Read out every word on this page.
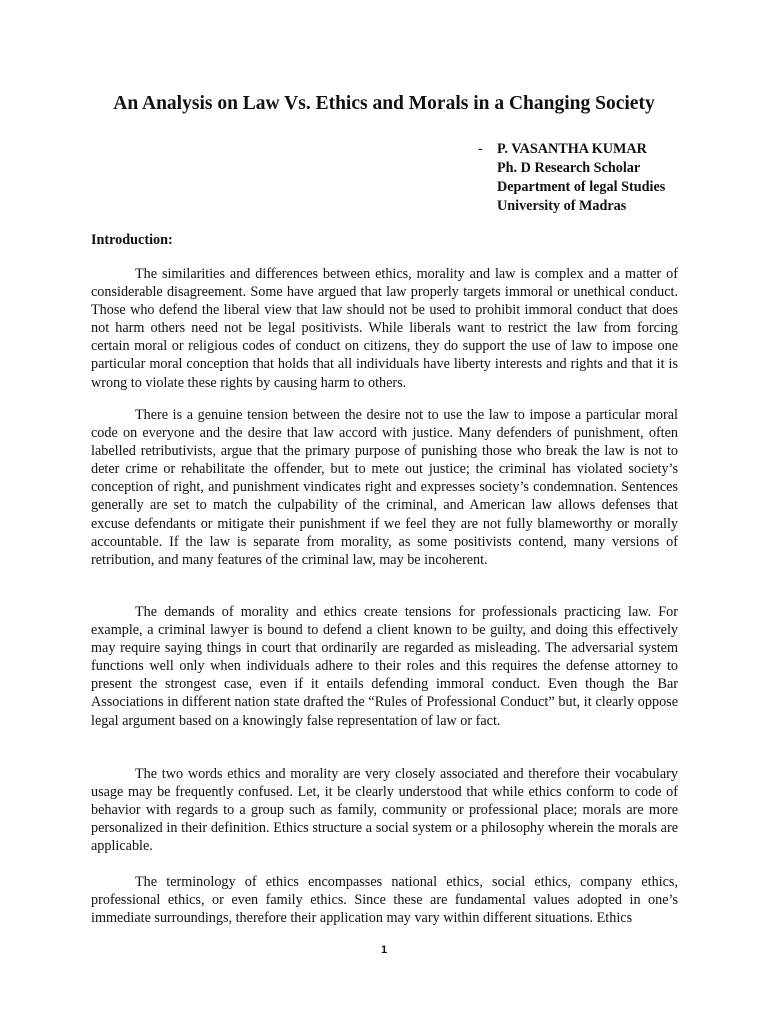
An Analysis on Law Vs. Ethics and Morals in a Changing Society
- P. VASANTHA KUMAR
Ph. D Research Scholar
Department of legal Studies
University of Madras
Introduction:

The similarities and differences between ethics, morality and law is complex and a matter of considerable disagreement. Some have argued that law properly targets immoral or unethical conduct. Those who defend the liberal view that law should not be used to prohibit immoral conduct that does not harm others need not be legal positivists. While liberals want to restrict the law from forcing certain moral or religious codes of conduct on citizens, they do support the use of law to impose one particular moral conception that holds that all individuals have liberty interests and rights and that it is wrong to violate these rights by causing harm to others.

There is a genuine tension between the desire not to use the law to impose a particular moral code on everyone and the desire that law accord with justice. Many defenders of punishment, often labelled retributivists, argue that the primary purpose of punishing those who break the law is not to deter crime or rehabilitate the offender, but to mete out justice; the criminal has violated society’s conception of right, and punishment vindicates right and expresses society’s condemnation. Sentences generally are set to match the culpability of the criminal, and American law allows defenses that excuse defendants or mitigate their punishment if we feel they are not fully blameworthy or morally accountable. If the law is separate from morality, as some positivists contend, many versions of retribution, and many features of the criminal law, may be incoherent.

The demands of morality and ethics create tensions for professionals practicing law. For example, a criminal lawyer is bound to defend a client known to be guilty, and doing this effectively may require saying things in court that ordinarily are regarded as misleading. The adversarial system functions well only when individuals adhere to their roles and this requires the defense attorney to present the strongest case, even if it entails defending immoral conduct. Even though the Bar Associations in different nation state drafted the “Rules of Professional Conduct” but, it clearly oppose legal argument based on a knowingly false representation of law or fact.

The two words ethics and morality are very closely associated and therefore their vocabulary usage may be frequently confused. Let, it be clearly understood that while ethics conform to code of behavior with regards to a group such as family, community or professional place; morals are more personalized in their definition. Ethics structure a social system or a philosophy wherein the morals are applicable.

The terminology of ethics encompasses national ethics, social ethics, company ethics, professional ethics, or even family ethics. Since these are fundamental values adopted in one’s immediate surroundings, therefore their application may vary within different situations. Ethics

1
